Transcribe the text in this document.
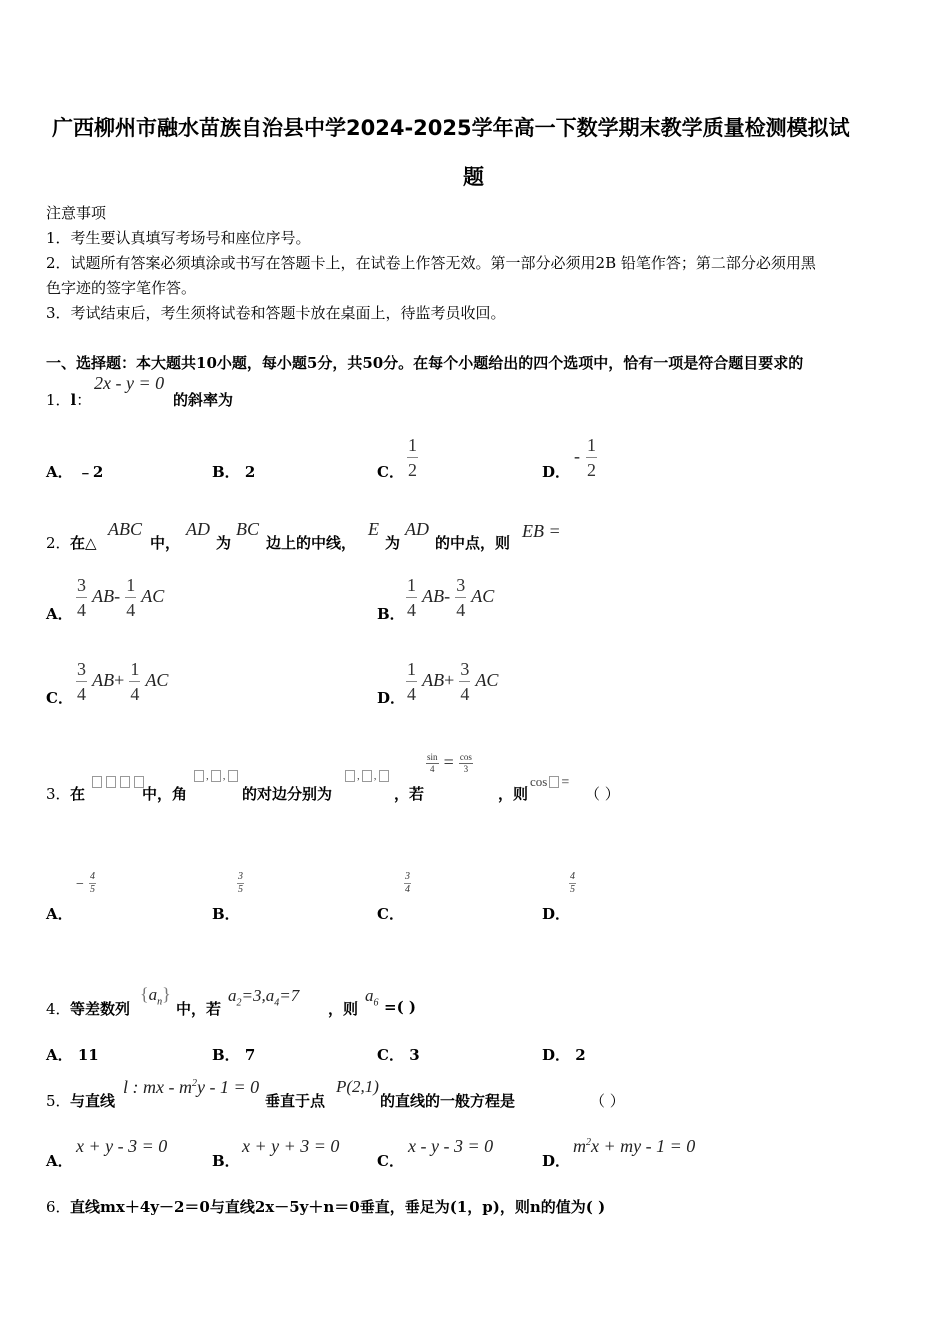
广西柳州市融水苗族自治县中学2024-2025学年高一下数学期末教学质量检测模拟试
题
注意事项
1．考生要认真填写考场号和座位序号。
2．试题所有答案必须填涂或书写在答题卡上，在试卷上作答无效。第一部分必须用2B 铅笔作答；第二部分必须用黑
色字迹的签字笔作答。
3．考试结束后，考生须将试卷和答题卡放在桌面上，待监考员收回。
一、选择题：本大题共10小题，每小题5分，共50分。在每个小题给出的四个选项中，恰有一项是符合题目要求的
1．l：
2x - y = 0
的斜率为
A． ﹣2	B． 2	C． $\frac{1}{2}$	D．
- $\frac{1}{2}$
2． 在△
ABC
中，
AD
为
BC
边上的中线，
E
为
AD
的中点，则
EB =
A． $\frac{3}{4} AB- \frac{1}{4}$ AC
B． $\frac{1}{4} AB- \frac{3}{4}$ AC
C． $\frac{3}{4} AB+ \frac{1}{4}$ AC
D． $\frac{1}{4} AB+ \frac{3}{4}$ AC
3． 在	中，角
, ,
的对边分别为
, ,
，若
$\frac{\sin}{4} = \frac{\cos}{3}$
，则
cos =
（ ）
A．
− $\frac{4}{5}$
B．
$\frac{3}{5}$
C．
$\frac{3}{4}$
D．
$\frac{4}{5}$
4． 等差数列
$\{a_n\}$
中，若
$a_2=3,a_4=7$
，则
$a_6$ =( )
A． 11	B． 7	C． 3	D． 2
5． 与直线
l : mx - $m^2y - 1 = 0$
垂直于点
P(2,1)
的直线的一般方程是	（ ）
A．
x + y - 3 = 0
B．
x + y + 3 = 0
C．
x - y - 3 = 0
D．
$m^2x$ + my - 1 = 0
6． 直线mx＋4y－2＝0与直线2x－5y＋n＝0垂直，垂足为(1，p)，则n的值为( )
